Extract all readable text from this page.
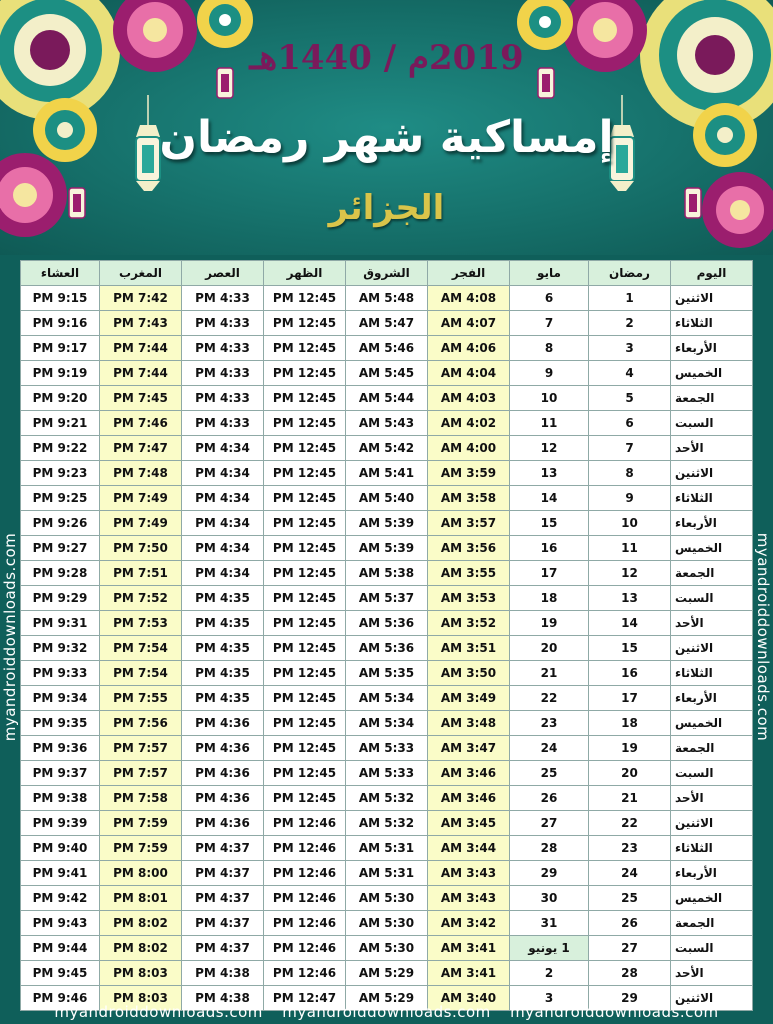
2019م / 1440هـ
إمساكية شهر رمضان
الجزائر
myandroiddownloads.com	myandroiddownloads.com
اليوم	رمضان	مايو	الفجر	الشروق	الظهر	العصر	المغرب	العشاء
الاثنين	1	6	4:08 AM	5:48 AM	12:45 PM	4:33 PM	7:42 PM	9:15 PM
الثلاثاء	2	7	4:07 AM	5:47 AM	12:45 PM	4:33 PM	7:43 PM	9:16 PM
الأربعاء	3	8	4:06 AM	5:46 AM	12:45 PM	4:33 PM	7:44 PM	9:17 PM
الخميس	4	9	4:04 AM	5:45 AM	12:45 PM	4:33 PM	7:44 PM	9:19 PM
الجمعة	5	10	4:03 AM	5:44 AM	12:45 PM	4:33 PM	7:45 PM	9:20 PM
السبت	6	11	4:02 AM	5:43 AM	12:45 PM	4:33 PM	7:46 PM	9:21 PM
الأحد	7	12	4:00 AM	5:42 AM	12:45 PM	4:34 PM	7:47 PM	9:22 PM
الاثنين	8	13	3:59 AM	5:41 AM	12:45 PM	4:34 PM	7:48 PM	9:23 PM
الثلاثاء	9	14	3:58 AM	5:40 AM	12:45 PM	4:34 PM	7:49 PM	9:25 PM
الأربعاء	10	15	3:57 AM	5:39 AM	12:45 PM	4:34 PM	7:49 PM	9:26 PM
الخميس	11	16	3:56 AM	5:39 AM	12:45 PM	4:34 PM	7:50 PM	9:27 PM
الجمعة	12	17	3:55 AM	5:38 AM	12:45 PM	4:34 PM	7:51 PM	9:28 PM
السبت	13	18	3:53 AM	5:37 AM	12:45 PM	4:35 PM	7:52 PM	9:29 PM
الأحد	14	19	3:52 AM	5:36 AM	12:45 PM	4:35 PM	7:53 PM	9:31 PM
الاثنين	15	20	3:51 AM	5:36 AM	12:45 PM	4:35 PM	7:54 PM	9:32 PM
الثلاثاء	16	21	3:50 AM	5:35 AM	12:45 PM	4:35 PM	7:54 PM	9:33 PM
الأربعاء	17	22	3:49 AM	5:34 AM	12:45 PM	4:35 PM	7:55 PM	9:34 PM
الخميس	18	23	3:48 AM	5:34 AM	12:45 PM	4:36 PM	7:56 PM	9:35 PM
الجمعة	19	24	3:47 AM	5:33 AM	12:45 PM	4:36 PM	7:57 PM	9:36 PM
السبت	20	25	3:46 AM	5:33 AM	12:45 PM	4:36 PM	7:57 PM	9:37 PM
الأحد	21	26	3:46 AM	5:32 AM	12:45 PM	4:36 PM	7:58 PM	9:38 PM
الاثنين	22	27	3:45 AM	5:32 AM	12:46 PM	4:36 PM	7:59 PM	9:39 PM
الثلاثاء	23	28	3:44 AM	5:31 AM	12:46 PM	4:37 PM	7:59 PM	9:40 PM
الأربعاء	24	29	3:43 AM	5:31 AM	12:46 PM	4:37 PM	8:00 PM	9:41 PM
الخميس	25	30	3:43 AM	5:30 AM	12:46 PM	4:37 PM	8:01 PM	9:42 PM
الجمعة	26	31	3:42 AM	5:30 AM	12:46 PM	4:37 PM	8:02 PM	9:43 PM
السبت	27	1 يونيو	3:41 AM	5:30 AM	12:46 PM	4:37 PM	8:02 PM	9:44 PM
الأحد	28	2	3:41 AM	5:29 AM	12:46 PM	4:38 PM	8:03 PM	9:45 PM
الاثنين	29	3	3:40 AM	5:29 AM	12:47 PM	4:38 PM	8:03 PM	9:46 PM
myandroiddownloads.com myandroiddownloads.com myandroiddownloads.com
